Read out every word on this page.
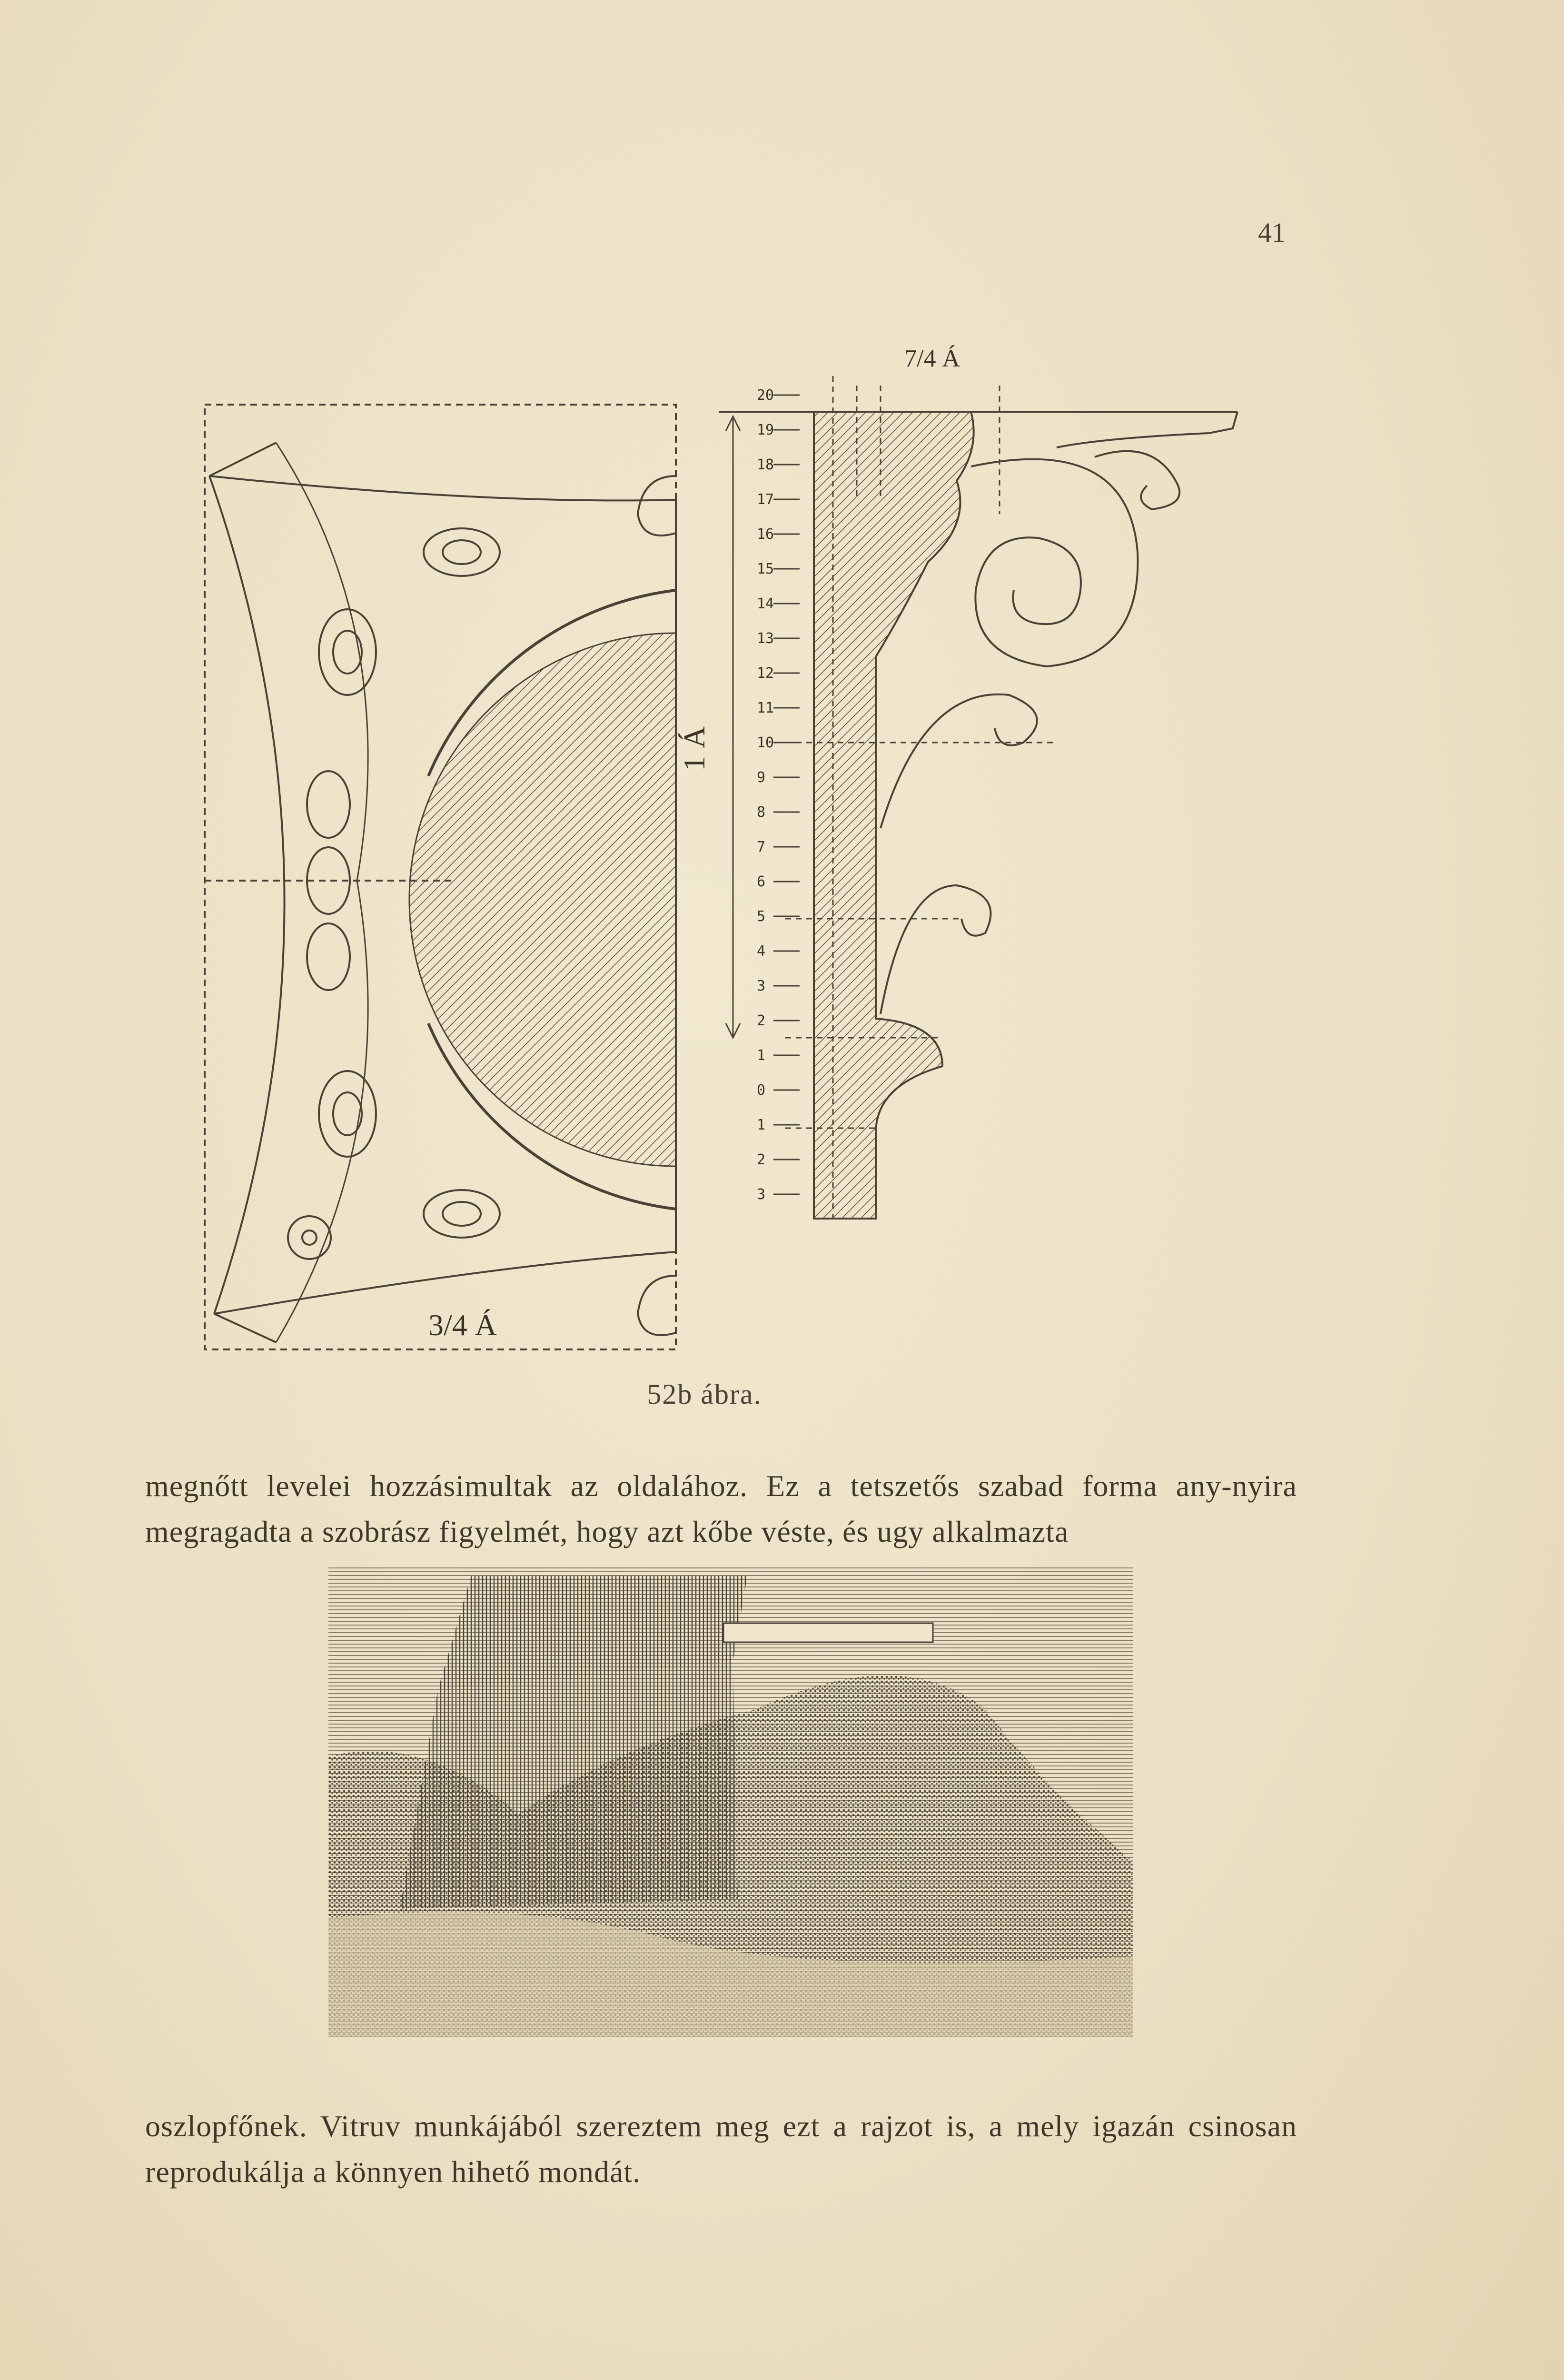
41
3/4 Á
1 Á
7/4 Á
20
19
18
17
16
15
14
13
12
11
10
9
8
7
6
5
4
3
2
1
0
1
2
3
52b ábra.

megnőtt levelei hozzásimultak az oldalához. Ez a tetszetős szabad forma any-nyira megragadta a szobrász figyelmét, hogy azt kőbe véste, és ugy alkalmazta

oszlopfőnek. Vitruv munkájából szereztem meg ezt a rajzot is, a mely igazán csinosan reprodukálja a könnyen hihető mondát.
